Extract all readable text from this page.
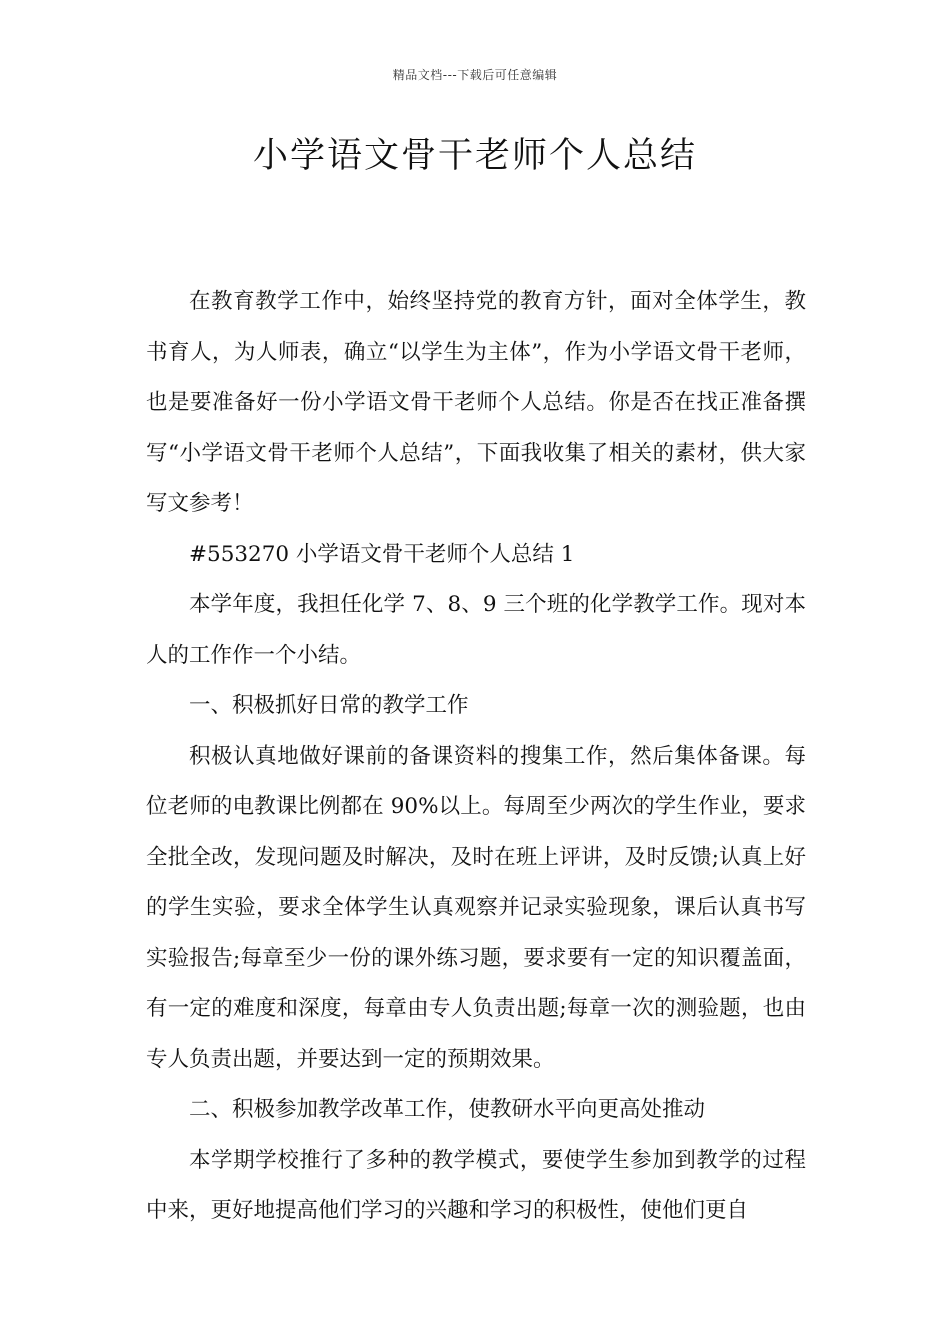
精品文档---下载后可任意编辑
小学语文骨干老师个人总结

在教育教学工作中，始终坚持党的教育方针，面对全体学生，教书育人，为人师表，确立“以学生为主体”，作为小学语文骨干老师，也是要准备好一份小学语文骨干老师个人总结。你是否在找正准备撰写“小学语文骨干老师个人总结”，下面我收集了相关的素材，供大家写文参考！

#553270 小学语文骨干老师个人总结 1

本学年度，我担任化学 7、8、9 三个班的化学教学工作。现对本人的工作作一个小结。

一、积极抓好日常的教学工作

积极认真地做好课前的备课资料的搜集工作，然后集体备课。每位老师的电教课比例都在 90%以上。每周至少两次的学生作业，要求全批全改，发现问题及时解决，及时在班上评讲，及时反馈;认真上好的学生实验，要求全体学生认真观察并记录实验现象，课后认真书写实验报告;每章至少一份的课外练习题，要求要有一定的知识覆盖面，有一定的难度和深度，每章由专人负责出题;每章一次的测验题，也由专人负责出题，并要达到一定的预期效果。

二、积极参加教学改革工作，使教研水平向更高处推动

本学期学校推行了多种的教学模式，要使学生参加到教学的过程中来，更好地提高他们学习的兴趣和学习的积极性，使他们更自
